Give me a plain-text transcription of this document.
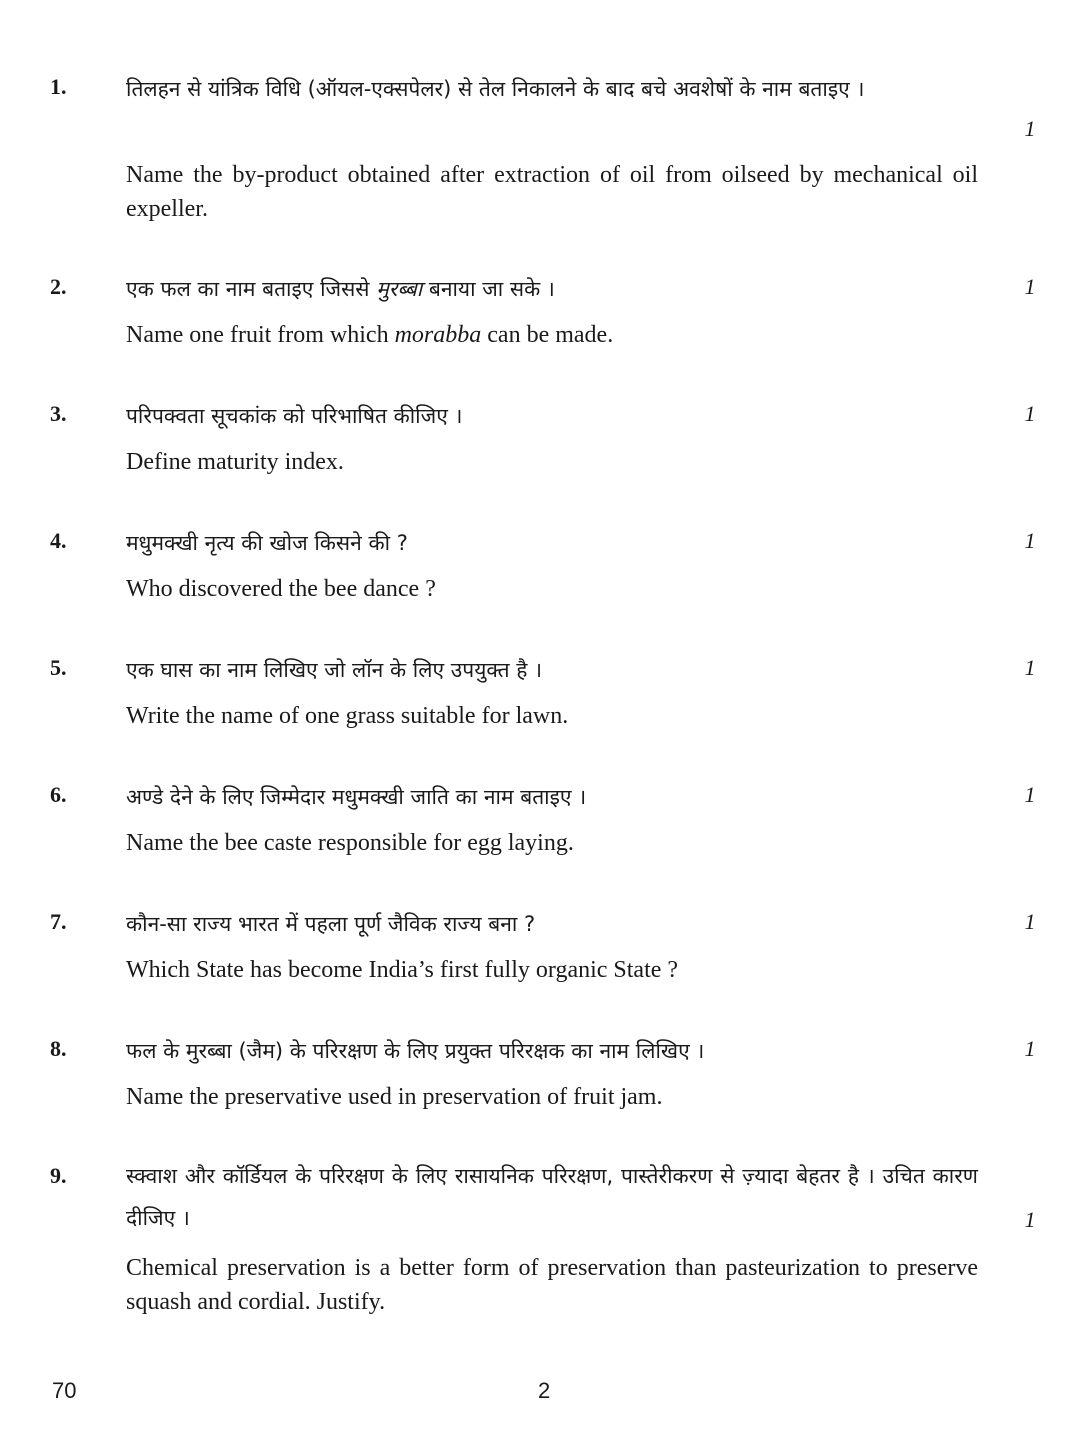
1.	तिलहन से यांत्रिक विधि (ऑयल-एक्सपेलर) से तेल निकालने के बाद बचे अवशेषों के नाम बताइए ।
1
Name the by-product obtained after extraction of oil from oilseed by mechanical oil expeller.
2.	एक फल का नाम बताइए जिससे मुरब्बा बनाया जा सके ।	1
Name one fruit from which morabba can be made.
3.	परिपक्वता सूचकांक को परिभाषित कीजिए ।	1
Define maturity index.
4.	मधुमक्खी नृत्य की खोज किसने की ?	1
Who discovered the bee dance ?
5.	एक घास का नाम लिखिए जो लॉन के लिए उपयुक्त है ।	1
Write the name of one grass suitable for lawn.
6.	अण्डे देने के लिए जिम्मेदार मधुमक्खी जाति का नाम बताइए ।	1
Name the bee caste responsible for egg laying.
7.	कौन-सा राज्य भारत में पहला पूर्ण जैविक राज्य बना ?	1
Which State has become India’s first fully organic State ?
8.	फल के मुरब्बा (जैम) के परिरक्षण के लिए प्रयुक्त परिरक्षक का नाम लिखिए ।	1
Name the preservative used in preservation of fruit jam.
9.	स्क्वाश और कॉर्डियल के परिरक्षण के लिए रासायनिक परिरक्षण, पास्तेरीकरण से ज़्यादा बेहतर है । उचित कारण दीजिए ।	1
Chemical preservation is a better form of preservation than pasteurization to preserve squash and cordial. Justify.
70	2
